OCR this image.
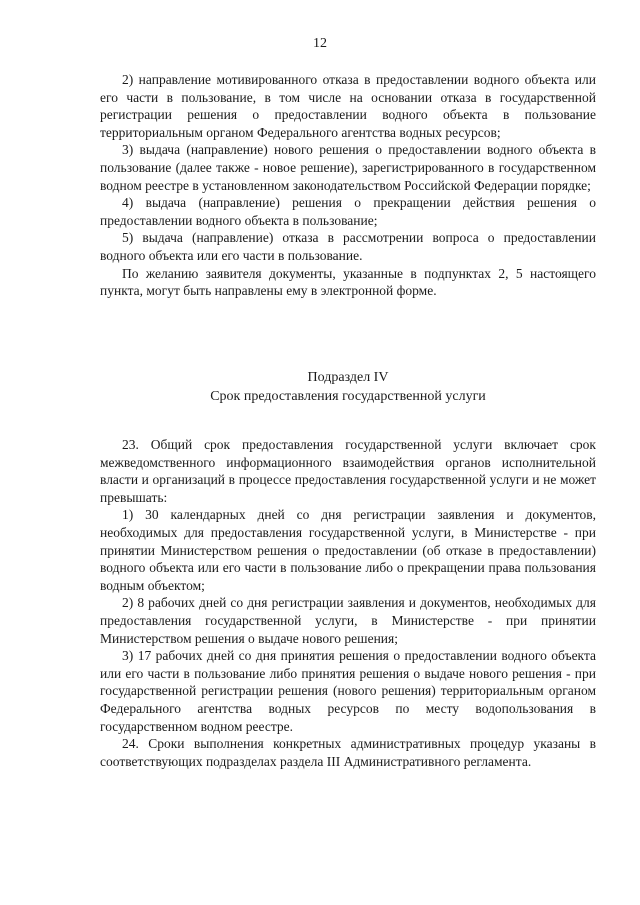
12

2) направление мотивированного отказа в предоставлении водного объекта или его части в пользование, в том числе на основании отказа в государственной регистрации решения о предоставлении водного объекта в пользование территориальным органом Федерального агентства водных ресурсов;

3) выдача (направление) нового решения о предоставлении водного объекта в пользование (далее также - новое решение), зарегистрированного в государственном водном реестре в установленном законодательством Российской Федерации порядке;

4) выдача (направление) решения о прекращении действия решения о предоставлении водного объекта в пользование;

5) выдача (направление) отказа в рассмотрении вопроса о предоставлении водного объекта или его части в пользование.

По желанию заявителя документы, указанные в подпунктах 2, 5 настоящего пункта, могут быть направлены ему в электронной форме.

Подраздел IV

Срок предоставления государственной услуги

23. Общий срок предоставления государственной услуги включает срок межведомственного информационного взаимодействия органов исполнительной власти и организаций в процессе предоставления государственной услуги и не может превышать:

1) 30 календарных дней со дня регистрации заявления и документов, необходимых для предоставления государственной услуги, в Министерстве - при принятии Министерством решения о предоставлении (об отказе в предоставлении) водного объекта или его части в пользование либо о прекращении права пользования водным объектом;

2) 8 рабочих дней со дня регистрации заявления и документов, необходимых для предоставления государственной услуги, в Министерстве - при принятии Министерством решения о выдаче нового решения;

3) 17 рабочих дней со дня принятия решения о предоставлении водного объекта или его части в пользование либо принятия решения о выдаче нового решения - при государственной регистрации решения (нового решения) территориальным органом Федерального агентства водных ресурсов по месту водопользования в государственном водном реестре.

24. Сроки выполнения конкретных административных процедур указаны в соответствующих подразделах раздела III Административного регламента.
